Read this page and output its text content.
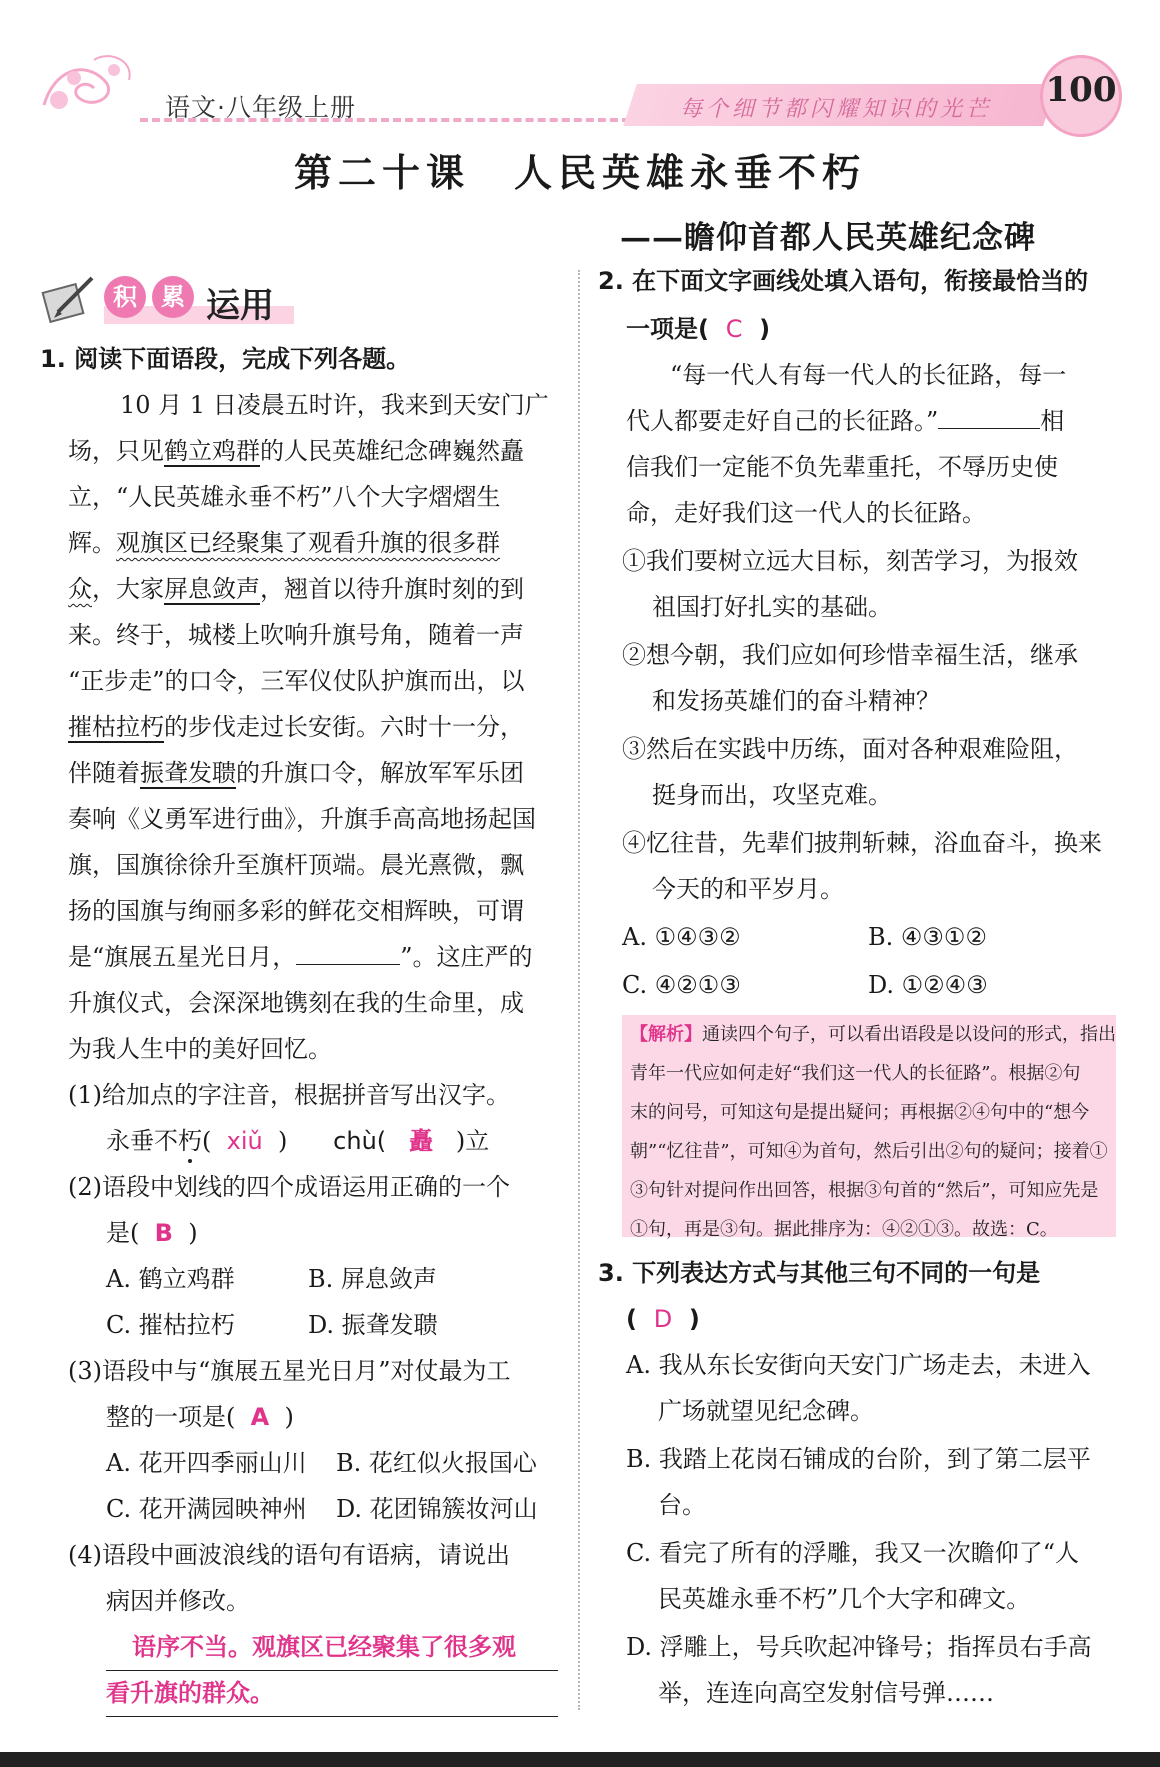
语文·八年级上册	每个细节都闪耀知识的光芒 100
第二十课　人民英雄永垂不朽
——瞻仰首都人民英雄纪念碑
积	累 运用
1. 阅读下面语段，完成下列各题。
10 月 1 日凌晨五时许，我来到天安门广
场，只见鹤立鸡群的人民英雄纪念碑巍然矗
立，“人民英雄永垂不朽”八个大字熠熠生
辉。观旗区已经聚集了观看升旗的很多群
众，大家屏息敛声，翘首以待升旗时刻的到
来。终于，城楼上吹响升旗号角，随着一声
“正步走”的口令，三军仪仗队护旗而出，以
摧枯拉朽的步伐走过长安街。六时十一分，
伴随着振聋发聩的升旗口令，解放军军乐团
奏响《义勇军进行曲》，升旗手高高地扬起国
旗，国旗徐徐升至旗杆顶端。晨光熹微，飘
扬的国旗与绚丽多彩的鲜花交相辉映，可谓
是“旗展五星光日月，	”。这庄严的
升旗仪式，会深深地镌刻在我的生命里，成
为我人生中的美好回忆。
(1)给加点的字注音，根据拼音写出汉字。
永垂不朽( xiǔ ) chù( 矗 )立
(2)语段中划线的四个成语运用正确的一个
是( B )
A. 鹤立鸡群	B. 屏息敛声
C. 摧枯拉朽	D. 振聋发聩
(3)语段中与“旗展五星光日月”对仗最为工
整的一项是( A )
A. 花开四季丽山川 B. 花红似火报国心
C. 花开满园映神州 D. 花团锦簇妆河山
(4)语段中画波浪线的语句有语病，请说出
病因并修改。
语序不当。观旗区已经聚集了很多观
看升旗的群众。
2. 在下面文字画线处填入语句，衔接最恰当的
一项是( C )
“每一代人有每一代人的长征路，每一
代人都要走好自己的长征路。”	相
信我们一定能不负先辈重托，不辱历史使
命，走好我们这一代人的长征路。
①我们要树立远大目标，刻苦学习，为报效
祖国打好扎实的基础。
②想今朝，我们应如何珍惜幸福生活，继承
和发扬英雄们的奋斗精神？
③然后在实践中历练，面对各种艰难险阻，
挺身而出，攻坚克难。
④忆往昔，先辈们披荆斩棘，浴血奋斗，换来
今天的和平岁月。
A. ①④③②	B. ④③①②
C. ④②①③	D. ①②④③
【解析】通读四个句子，可以看出语段是以设问的形式，指出
青年一代应如何走好“我们这一代人的长征路”。根据②句
末的问号，可知这句是提出疑问；再根据②④句中的“想今
朝”“忆往昔”，可知④为首句，然后引出②句的疑问；接着①
③句针对提问作出回答，根据③句首的“然后”，可知应先是
①句，再是③句。据此排序为：④②①③。故选：C。
3. 下列表达方式与其他三句不同的一句是
( D )
A. 我从东长安街向天安门广场走去，未进入
广场就望见纪念碑。
B. 我踏上花岗石铺成的台阶，到了第二层平
台。
C. 看完了所有的浮雕，我又一次瞻仰了“人
民英雄永垂不朽”几个大字和碑文。
D. 浮雕上，号兵吹起冲锋号；指挥员右手高
举，连连向高空发射信号弹……
